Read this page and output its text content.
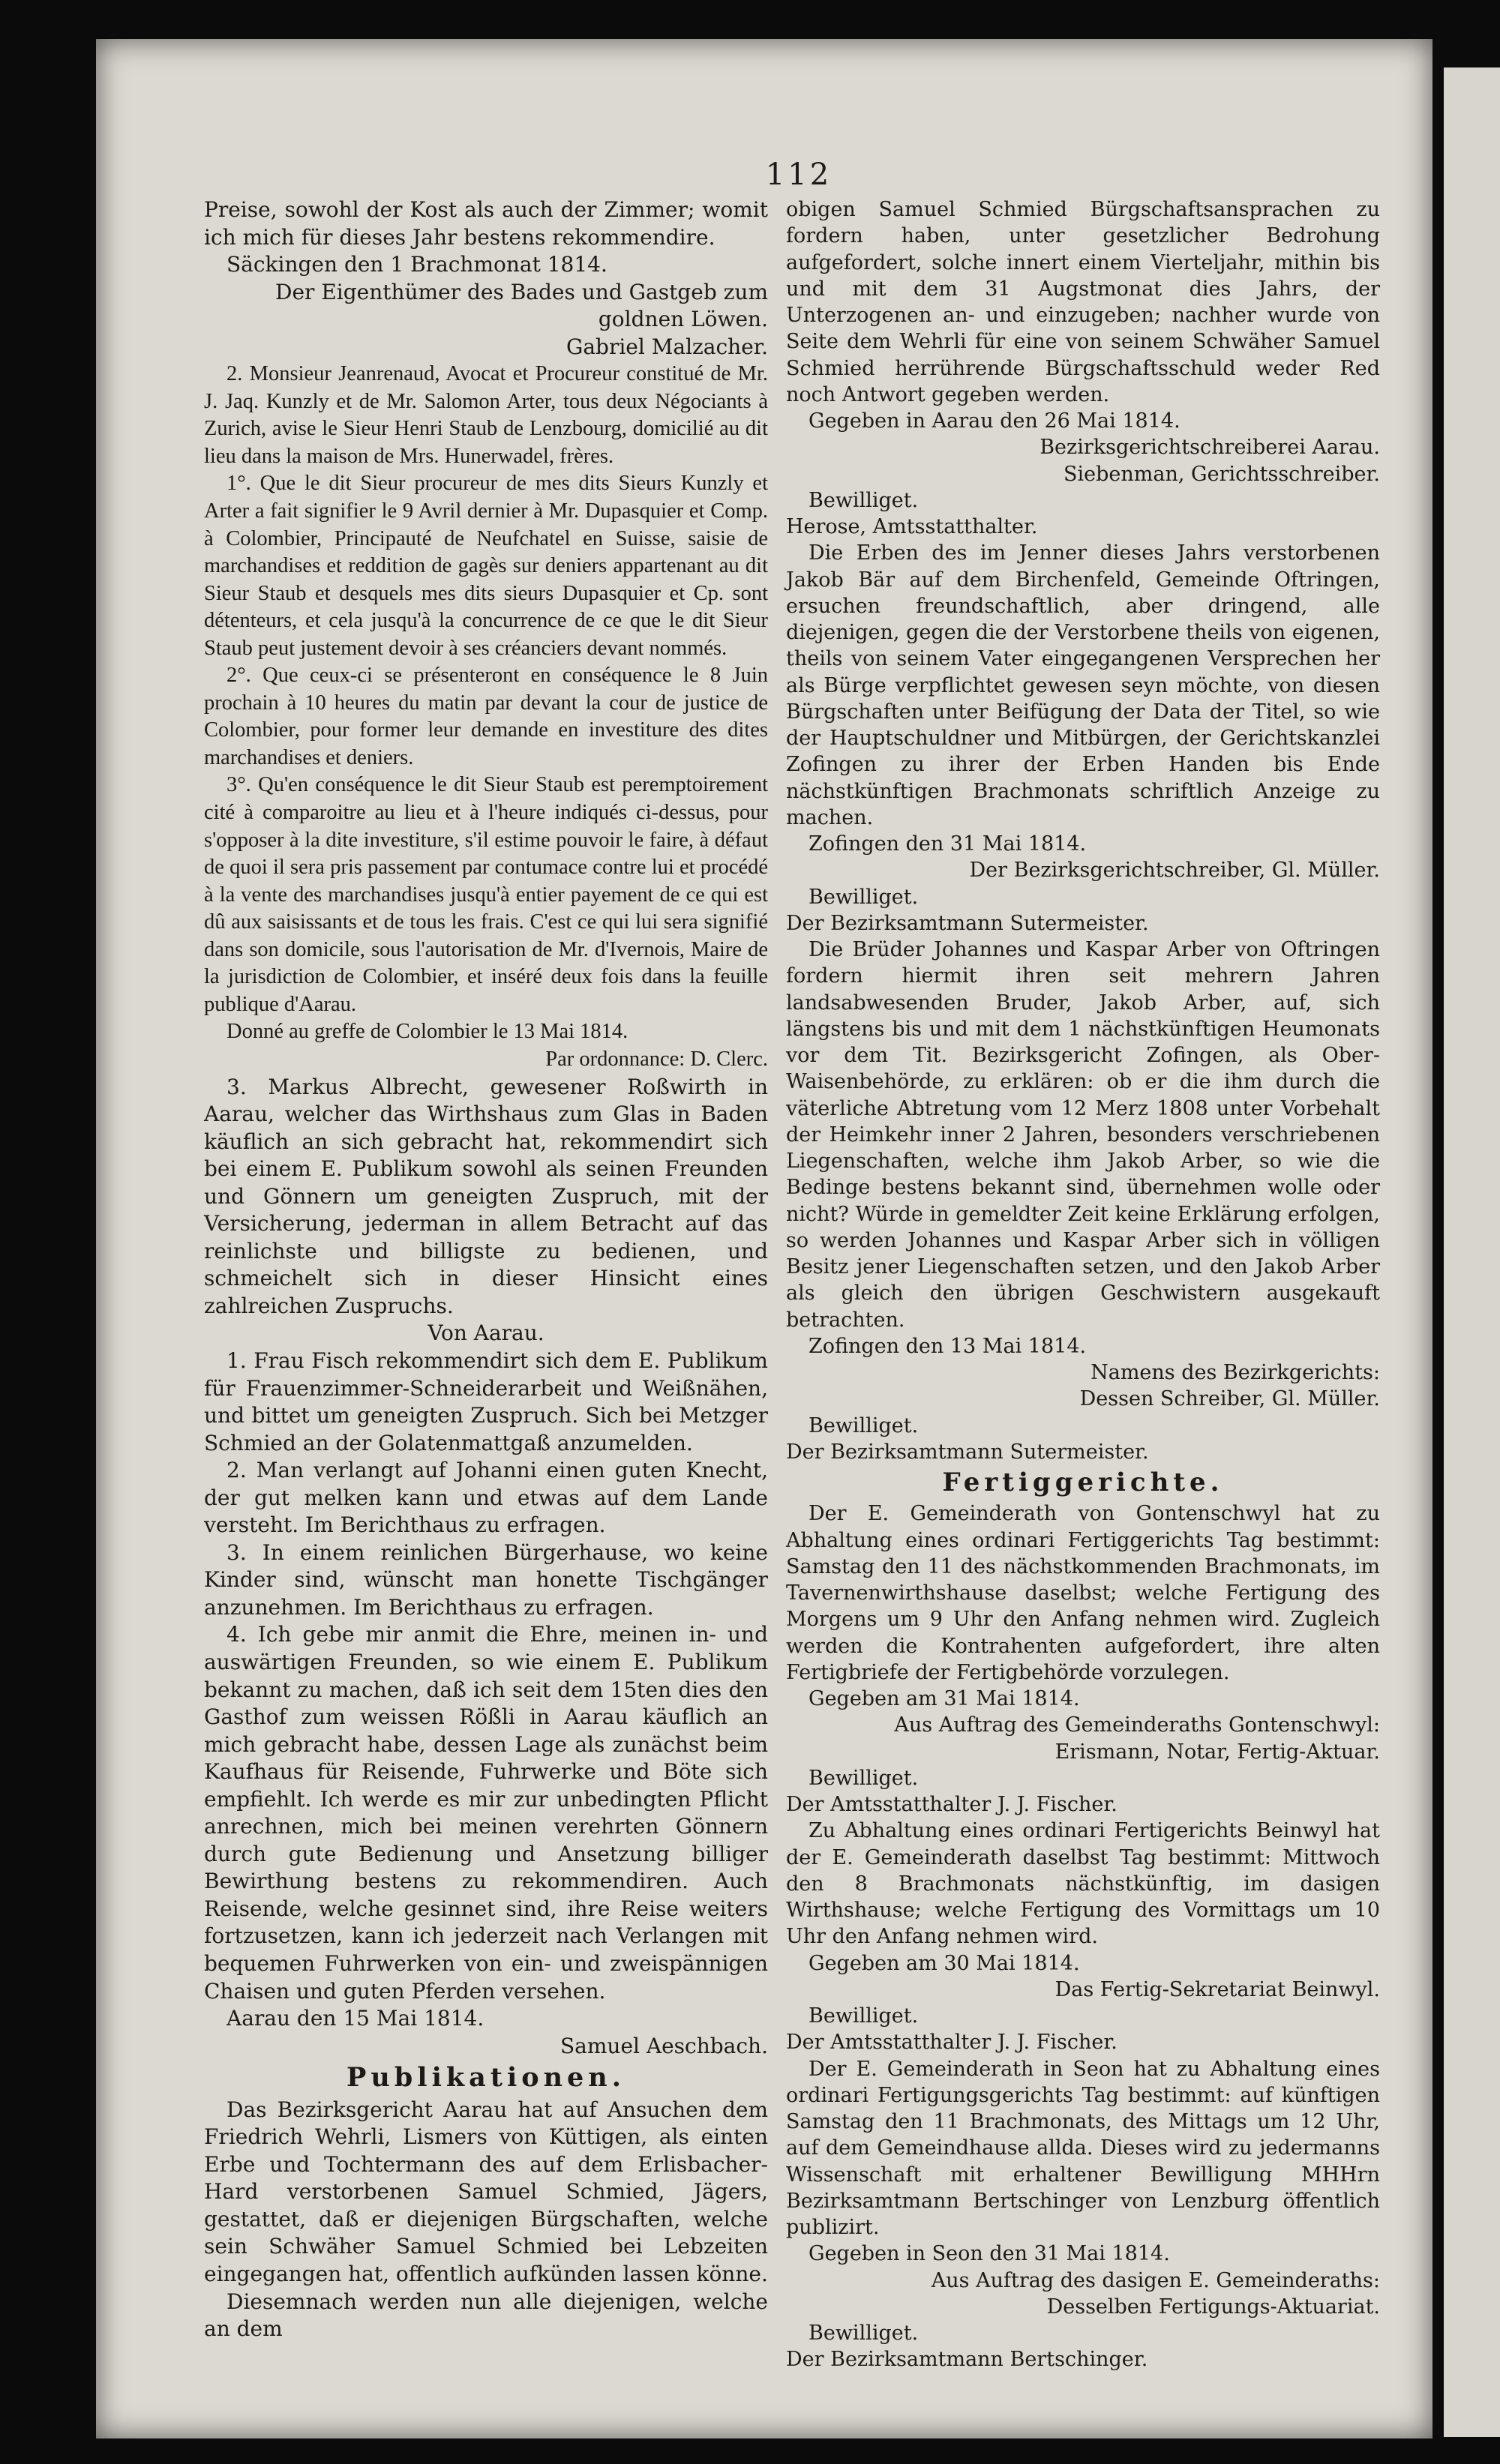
112

Preise, sowohl der Kost als auch der Zimmer; womit ich mich für dieses Jahr bestens rekommendire.

Säckingen den 1 Brachmonat 1814.

Der Eigenthümer des Bades und Gastgeb zum goldnen Löwen.

Gabriel Malzacher.

2. Monsieur Jeanrenaud, Avocat et Procureur constitué de Mr. J. Jaq. Kunzly et de Mr. Salomon Arter, tous deux Négociants à Zurich, avise le Sieur Henri Staub de Lenzbourg, domicilié au dit lieu dans la maison de Mrs. Hunerwadel, frères.

1°. Que le dit Sieur procureur de mes dits Sieurs Kunzly et Arter a fait signifier le 9 Avril dernier à Mr. Dupasquier et Comp. à Colombier, Principauté de Neufchatel en Suisse, saisie de marchandises et reddition de gagès sur deniers appartenant au dit Sieur Staub et desquels mes dits sieurs Dupasquier et Cp. sont détenteurs, et cela jusqu'à la concurrence de ce que le dit Sieur Staub peut justement devoir à ses créanciers devant nommés.

2°. Que ceux-ci se présenteront en conséquence le 8 Juin prochain à 10 heures du matin par devant la cour de justice de Colombier, pour former leur demande en investiture des dites marchandises et deniers.

3°. Qu'en conséquence le dit Sieur Staub est peremptoirement cité à comparoitre au lieu et à l'heure indiqués ci-dessus, pour s'opposer à la dite investiture, s'il estime pouvoir le faire, à défaut de quoi il sera pris passement par contumace contre lui et procédé à la vente des marchandises jusqu'à entier payement de ce qui est dû aux saisissants et de tous les frais. C'est ce qui lui sera signifié dans son domicile, sous l'autorisation de Mr. d'Ivernois, Maire de la jurisdiction de Colombier, et inséré deux fois dans la feuille publique d'Aarau.

Donné au greffe de Colombier le 13 Mai 1814.

Par ordonnance: D. Clerc.

3. Markus Albrecht, gewesener Roßwirth in Aarau, welcher das Wirthshaus zum Glas in Baden käuflich an sich gebracht hat, rekommendirt sich bei einem E. Publikum sowohl als seinen Freunden und Gönnern um geneigten Zuspruch, mit der Versicherung, jederman in allem Betracht auf das reinlichste und billigste zu bedienen, und schmeichelt sich in dieser Hinsicht eines zahlreichen Zuspruchs.

Von Aarau.

1. Frau Fisch rekommendirt sich dem E. Publikum für Frauenzimmer-Schneiderarbeit und Weißnähen, und bittet um geneigten Zuspruch. Sich bei Metzger Schmied an der Golatenmattgaß anzumelden.

2. Man verlangt auf Johanni einen guten Knecht, der gut melken kann und etwas auf dem Lande versteht. Im Berichthaus zu erfragen.

3. In einem reinlichen Bürgerhause, wo keine Kinder sind, wünscht man honette Tischgänger anzunehmen. Im Berichthaus zu erfragen.

4. Ich gebe mir anmit die Ehre, meinen in- und auswärtigen Freunden, so wie einem E. Publikum bekannt zu machen, daß ich seit dem 15ten dies den Gasthof zum weissen Rößli in Aarau käuflich an mich gebracht habe, dessen Lage als zunächst beim Kaufhaus für Reisende, Fuhrwerke und Böte sich empfiehlt. Ich werde es mir zur unbedingten Pflicht anrechnen, mich bei meinen verehrten Gönnern durch gute Bedienung und Ansetzung billiger Bewirthung bestens zu rekommendiren. Auch Reisende, welche gesinnet sind, ihre Reise weiters fortzusetzen, kann ich jederzeit nach Verlangen mit bequemen Fuhrwerken von ein- und zweispännigen Chaisen und guten Pferden versehen.

Aarau den 15 Mai 1814.

Samuel Aeschbach.

Publikationen.

Das Bezirksgericht Aarau hat auf Ansuchen dem Friedrich Wehrli, Lismers von Küttigen, als einten Erbe und Tochtermann des auf dem Erlisbacher-Hard verstorbenen Samuel Schmied, Jägers, gestattet, daß er diejenigen Bürgschaften, welche sein Schwäher Samuel Schmied bei Lebzeiten eingegangen hat, offentlich aufkünden lassen könne.

Diesemnach werden nun alle diejenigen, welche an dem

obigen Samuel Schmied Bürgschaftsansprachen zu fordern haben, unter gesetzlicher Bedrohung aufgefordert, solche innert einem Vierteljahr, mithin bis und mit dem 31 Augstmonat dies Jahrs, der Unterzogenen an- und einzugeben; nachher wurde von Seite dem Wehrli für eine von seinem Schwäher Samuel Schmied herrührende Bürgschaftsschuld weder Red noch Antwort gegeben werden.

Gegeben in Aarau den 26 Mai 1814.

Bezirksgerichtschreiberei Aarau.

Siebenman, Gerichtsschreiber.

Bewilliget.

Herose, Amtsstatthalter.

Die Erben des im Jenner dieses Jahrs verstorbenen Jakob Bär auf dem Birchenfeld, Gemeinde Oftringen, ersuchen freundschaftlich, aber dringend, alle diejenigen, gegen die der Verstorbene theils von eigenen, theils von seinem Vater eingegangenen Versprechen her als Bürge verpflichtet gewesen seyn möchte, von diesen Bürgschaften unter Beifügung der Data der Titel, so wie der Hauptschuldner und Mitbürgen, der Gerichtskanzlei Zofingen zu ihrer der Erben Handen bis Ende nächstkünftigen Brachmonats schriftlich Anzeige zu machen.

Zofingen den 31 Mai 1814.

Der Bezirksgerichtschreiber, Gl. Müller.

Bewilliget.

Der Bezirksamtmann Sutermeister.

Die Brüder Johannes und Kaspar Arber von Oftringen fordern hiermit ihren seit mehrern Jahren landsabwesenden Bruder, Jakob Arber, auf, sich längstens bis und mit dem 1 nächstkünftigen Heumonats vor dem Tit. Bezirksgericht Zofingen, als Ober-Waisenbehörde, zu erklären: ob er die ihm durch die väterliche Abtretung vom 12 Merz 1808 unter Vorbehalt der Heimkehr inner 2 Jahren, besonders verschriebenen Liegenschaften, welche ihm Jakob Arber, so wie die Bedinge bestens bekannt sind, übernehmen wolle oder nicht? Würde in gemeldter Zeit keine Erklärung erfolgen, so werden Johannes und Kaspar Arber sich in völligen Besitz jener Liegenschaften setzen, und den Jakob Arber als gleich den übrigen Geschwistern ausgekauft betrachten.

Zofingen den 13 Mai 1814.

Namens des Bezirkgerichts:

Dessen Schreiber, Gl. Müller.

Bewilliget.

Der Bezirksamtmann Sutermeister.

Fertiggerichte.

Der E. Gemeinderath von Gontenschwyl hat zu Abhaltung eines ordinari Fertiggerichts Tag bestimmt: Samstag den 11 des nächstkommenden Brachmonats, im Tavernenwirthshause daselbst; welche Fertigung des Morgens um 9 Uhr den Anfang nehmen wird. Zugleich werden die Kontrahenten aufgefordert, ihre alten Fertigbriefe der Fertigbehörde vorzulegen.

Gegeben am 31 Mai 1814.

Aus Auftrag des Gemeinderaths Gontenschwyl:

Erismann, Notar, Fertig-Aktuar.

Bewilliget.

Der Amtsstatthalter J. J. Fischer.

Zu Abhaltung eines ordinari Fertigerichts Beinwyl hat der E. Gemeinderath daselbst Tag bestimmt: Mittwoch den 8 Brachmonats nächstkünftig, im dasigen Wirthshause; welche Fertigung des Vormittags um 10 Uhr den Anfang nehmen wird.

Gegeben am 30 Mai 1814.

Das Fertig-Sekretariat Beinwyl.

Bewilliget.

Der Amtsstatthalter J. J. Fischer.

Der E. Gemeinderath in Seon hat zu Abhaltung eines ordinari Fertigungsgerichts Tag bestimmt: auf künftigen Samstag den 11 Brachmonats, des Mittags um 12 Uhr, auf dem Gemeindhause allda. Dieses wird zu jedermanns Wissenschaft mit erhaltener Bewilligung MHHrn Bezirksamtmann Bertschinger von Lenzburg öffentlich publizirt.

Gegeben in Seon den 31 Mai 1814.

Aus Auftrag des dasigen E. Gemeinderaths:

Desselben Fertigungs-Aktuariat.

Bewilliget.

Der Bezirksamtmann Bertschinger.
